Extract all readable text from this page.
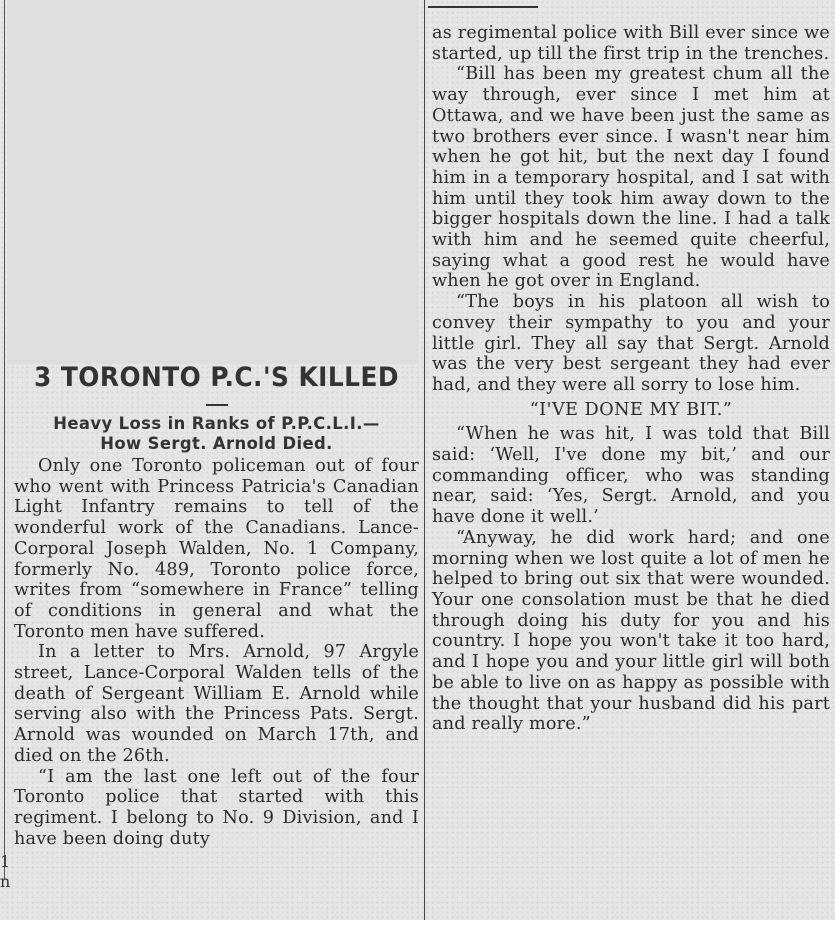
1
n
3 TORONTO P.C.'S KILLED
Heavy Loss in Ranks of P.P.C.L.I.—
How Sergt. Arnold Died.

Only one Toronto policeman out of four who went with Princess Patricia's Canadian Light Infantry remains to tell of the wonderful work of the Canadians. Lance-Corporal Joseph Walden, No. 1 Company, formerly No. 489, Toronto police force, writes from “somewhere in France” telling of conditions in general and what the Toronto men have suffered.

In a letter to Mrs. Arnold, 97 Argyle street, Lance-Corporal Walden tells of the death of Sergeant William E. Arnold while serving also with the Princess Pats. Sergt. Arnold was wounded on March 17th, and died on the 26th.

“I am the last one left out of the four Toronto police that started with this regiment. I belong to No. 9 Division, and I have been doing duty

as regimental police with Bill ever since we started, up till the first trip in the trenches.

“Bill has been my greatest chum all the way through, ever since I met him at Ottawa, and we have been just the same as two brothers ever since. I wasn't near him when he got hit, but the next day I found him in a temporary hospital, and I sat with him until they took him away down to the bigger hospitals down the line. I had a talk with him and he seemed quite cheerful, saying what a good rest he would have when he got over in England.

“The boys in his platoon all wish to convey their sympathy to you and your little girl. They all say that Sergt. Arnold was the very best sergeant they had ever had, and they were all sorry to lose him.

“I'VE DONE MY BIT.”

“When he was hit, I was told that Bill said: ‘Well, I've done my bit,’ and our commanding officer, who was standing near, said: ‘Yes, Sergt. Arnold, and you have done it well.’

“Anyway, he did work hard; and one morning when we lost quite a lot of men he helped to bring out six that were wounded. Your one consolation must be that he died through doing his duty for you and his country. I hope you won't take it too hard, and I hope you and your little girl will both be able to live on as happy as possible with the thought that your husband did his part and really more.”
